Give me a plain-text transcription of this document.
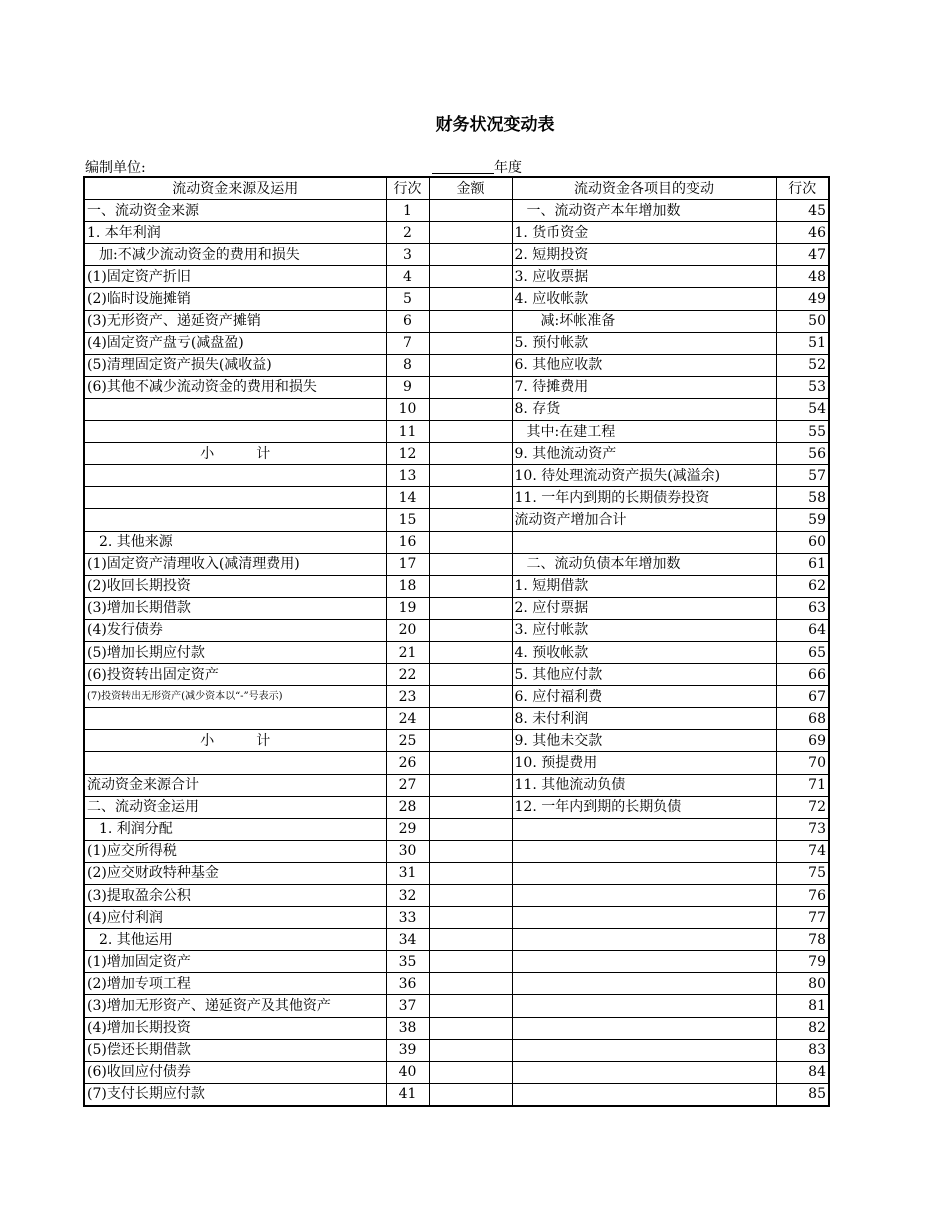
财务状况变动表
编制单位:	年度
流动资金来源及运用	行次	金额	流动资金各项目的变动	行次
一、流动资金来源	1		一、流动资产本年增加数	45
1. 本年利润	2		1. 货币资金	46
加:不减少流动资金的费用和损失	3		2. 短期投资	47
(1)固定资产折旧	4		3. 应收票据	48
(2)临时设施摊销	5		4. 应收帐款	49
(3)无形资产、递延资产摊销	6		减:坏帐准备	50
(4)固定资产盘亏(减盘盈)	7		5. 预付帐款	51
(5)清理固定资产损失(减收益)	8		6. 其他应收款	52
(6)其他不减少流动资金的费用和损失	9		7. 待摊费用	53
	10		8. 存货	54
	11		其中:在建工程	55
小　　　计	12		9. 其他流动资产	56
	13		10. 待处理流动资产损失(减溢余)	57
	14		11. 一年内到期的长期债券投资	58
	15		流动资产增加合计	59
2. 其他来源	16			60
(1)固定资产清理收入(减清理费用)	17		二、流动负债本年增加数	61
(2)收回长期投资	18		1. 短期借款	62
(3)增加长期借款	19		2. 应付票据	63
(4)发行债券	20		3. 应付帐款	64
(5)增加长期应付款	21		4. 预收帐款	65
(6)投资转出固定资产	22		5. 其他应付款	66
(7)投资转出无形资产(减少资本以“-”号表示)	23		6. 应付福利费	67
	24		8. 未付利润	68
小　　　计	25		9. 其他未交款	69
	26		10. 预提费用	70
流动资金来源合计	27		11. 其他流动负债	71
二、流动资金运用	28		12. 一年内到期的长期负债	72
1. 利润分配	29			73
(1)应交所得税	30			74
(2)应交财政特种基金	31			75
(3)提取盈余公积	32			76
(4)应付利润	33			77
2. 其他运用	34			78
(1)增加固定资产	35			79
(2)增加专项工程	36			80
(3)增加无形资产、递延资产及其他资产	37			81
(4)增加长期投资	38			82
(5)偿还长期借款	39			83
(6)收回应付债券	40			84
(7)支付长期应付款	41			85
